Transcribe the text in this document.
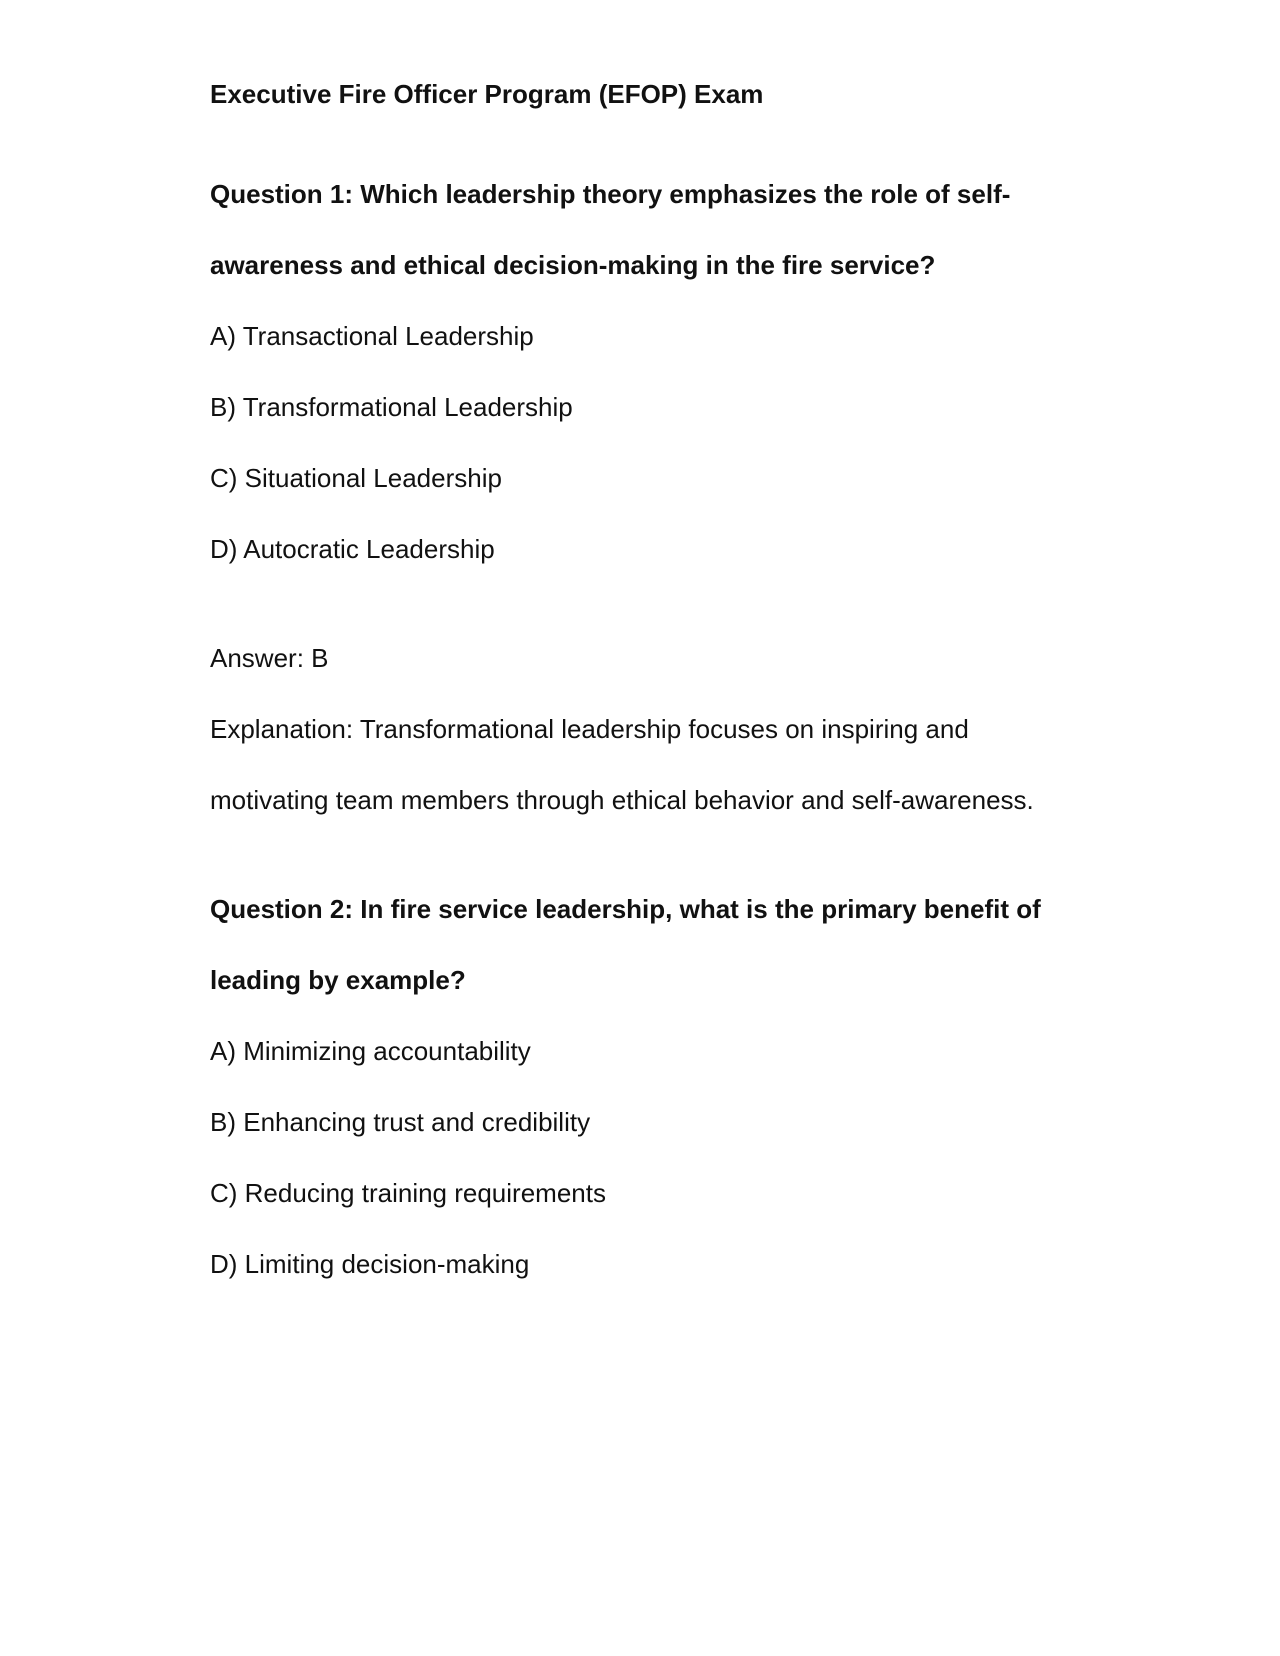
Executive Fire Officer Program (EFOP) Exam
Question 1: Which leadership theory emphasizes the role of self-
awareness and ethical decision-making in the fire service?
A) Transactional Leadership
B) Transformational Leadership
C) Situational Leadership
D) Autocratic Leadership
Answer: B
Explanation: Transformational leadership focuses on inspiring and
motivating team members through ethical behavior and self-awareness.
Question 2: In fire service leadership, what is the primary benefit of
leading by example?
A) Minimizing accountability
B) Enhancing trust and credibility
C) Reducing training requirements
D) Limiting decision-making
